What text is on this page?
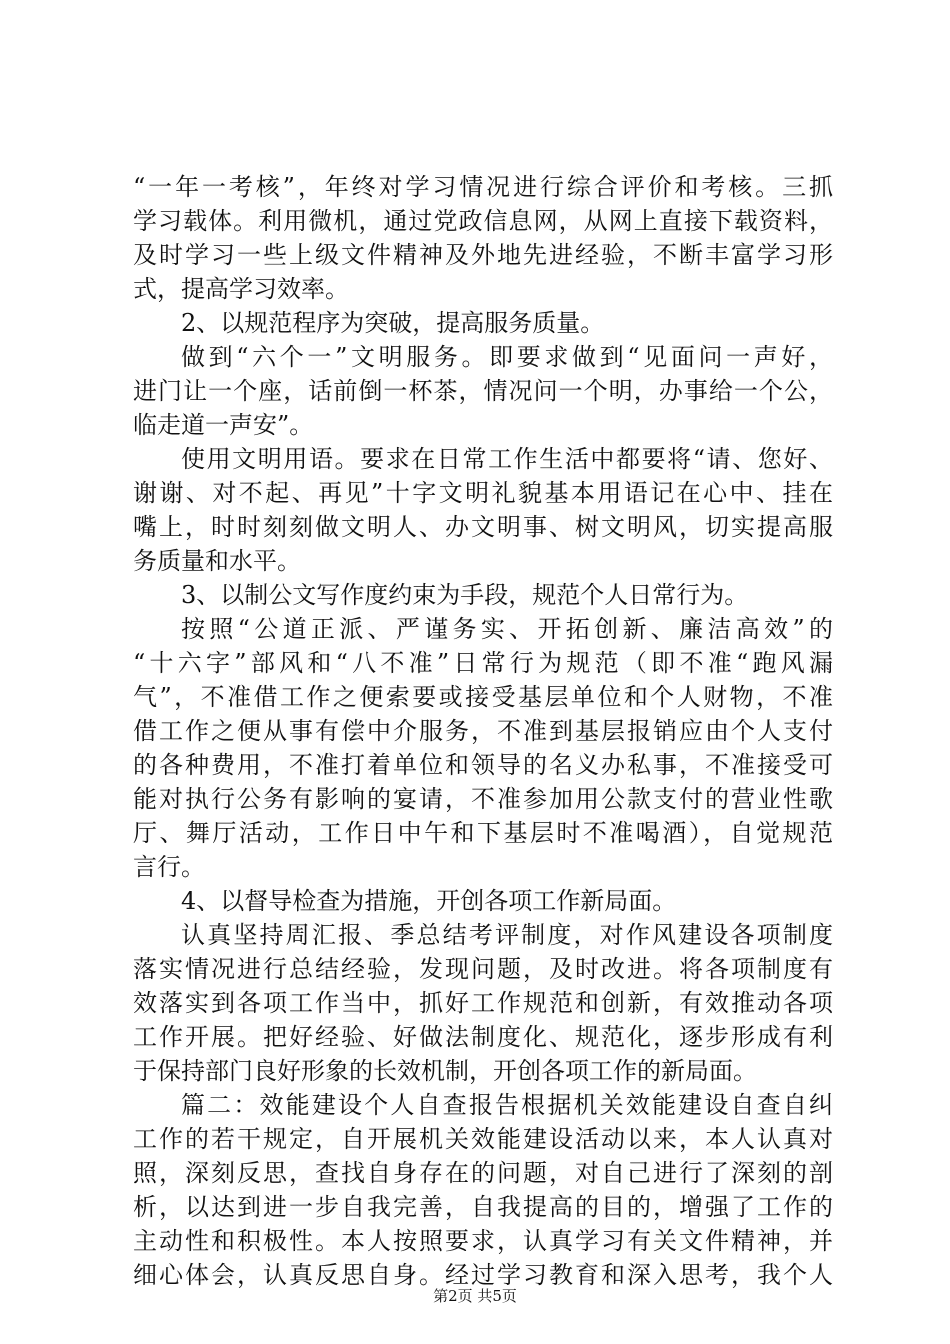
“一年一考核”，年终对学习情况进行综合评价和考核。三抓
学习载体。利用微机，通过党政信息网，从网上直接下载资料，
及时学习一些上级文件精神及外地先进经验，不断丰富学习形
式，提高学习效率。
2、以规范程序为突破，提高服务质量。
做到“六个一”文明服务。即要求做到“见面问一声好，
进门让一个座，话前倒一杯茶，情况问一个明，办事给一个公，
临走道一声安”。
使用文明用语。要求在日常工作生活中都要将“请、您好、
谢谢、对不起、再见”十字文明礼貌基本用语记在心中、挂在
嘴上，时时刻刻做文明人、办文明事、树文明风，切实提高服
务质量和水平。
3、以制公文写作度约束为手段，规范个人日常行为。
按照“公道正派、严谨务实、开拓创新、廉洁高效”的
“十六字”部风和“八不准”日常行为规范（即不准“跑风漏
气”，不准借工作之便索要或接受基层单位和个人财物，不准
借工作之便从事有偿中介服务，不准到基层报销应由个人支付
的各种费用，不准打着单位和领导的名义办私事，不准接受可
能对执行公务有影响的宴请，不准参加用公款支付的营业性歌
厅、舞厅活动，工作日中午和下基层时不准喝酒），自觉规范
言行。
4、以督导检查为措施，开创各项工作新局面。
认真坚持周汇报、季总结考评制度，对作风建设各项制度
落实情况进行总结经验，发现问题，及时改进。将各项制度有
效落实到各项工作当中，抓好工作规范和创新，有效推动各项
工作开展。把好经验、好做法制度化、规范化，逐步形成有利
于保持部门良好形象的长效机制，开创各项工作的新局面。
篇二：效能建设个人自查报告根据机关效能建设自查自纠
工作的若干规定，自开展机关效能建设活动以来，本人认真对
照，深刻反思，查找自身存在的问题，对自己进行了深刻的剖
析，以达到进一步自我完善，自我提高的目的，增强了工作的
主动性和积极性。本人按照要求，认真学习有关文件精神，并
细心体会，认真反思自身。经过学习教育和深入思考，我个人
第2页 共5页
